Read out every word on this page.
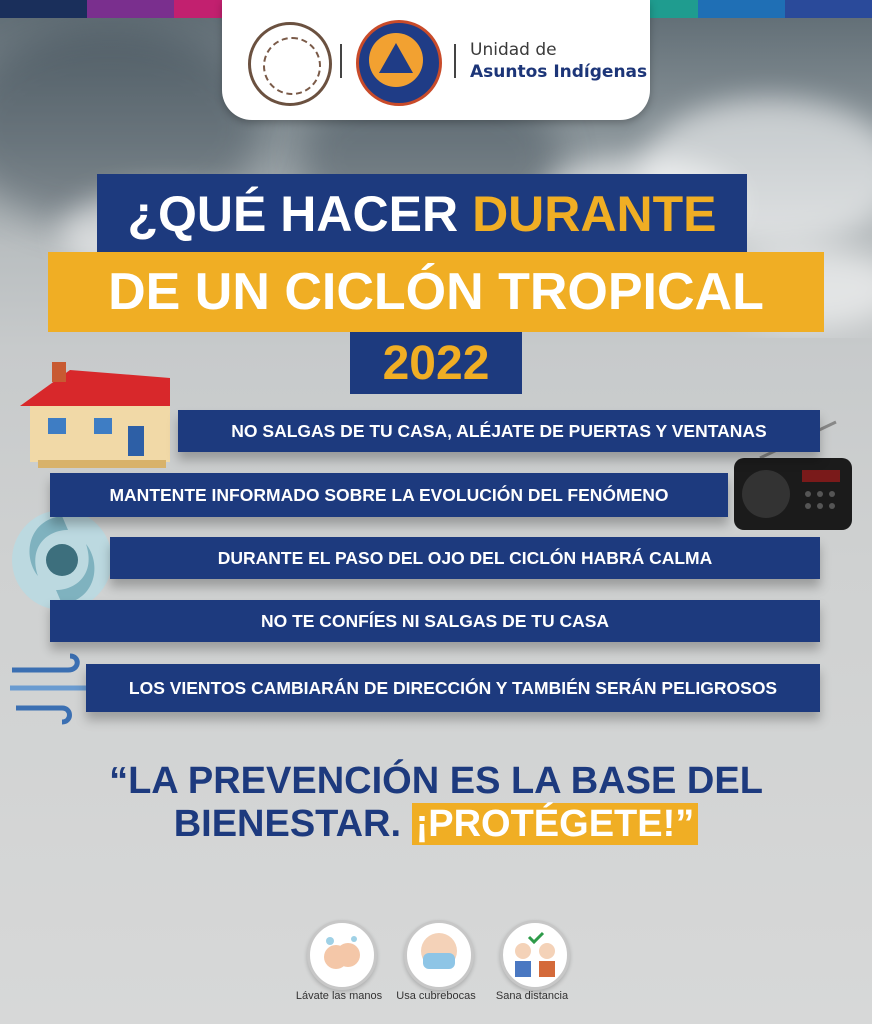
Unidad de
Asuntos Indígenas
¿QUÉ HACER DURANTE
DE UN CICLÓN TROPICAL
2022
NO SALGAS DE TU CASA, ALÉJATE DE PUERTAS Y VENTANAS
MANTENTE INFORMADO SOBRE LA EVOLUCIÓN DEL FENÓMENO
DURANTE EL PASO DEL OJO DEL CICLÓN HABRÁ CALMA
NO TE CONFÍES NI SALGAS DE TU CASA
LOS VIENTOS CAMBIARÁN DE DIRECCIÓN Y TAMBIÉN SERÁN PELIGROSOS
“LA PREVENCIÓN ES LA BASE DEL
BIENESTAR. ¡PROTÉGETE!”
Lávate las manos	Usa cubrebocas	Sana distancia
